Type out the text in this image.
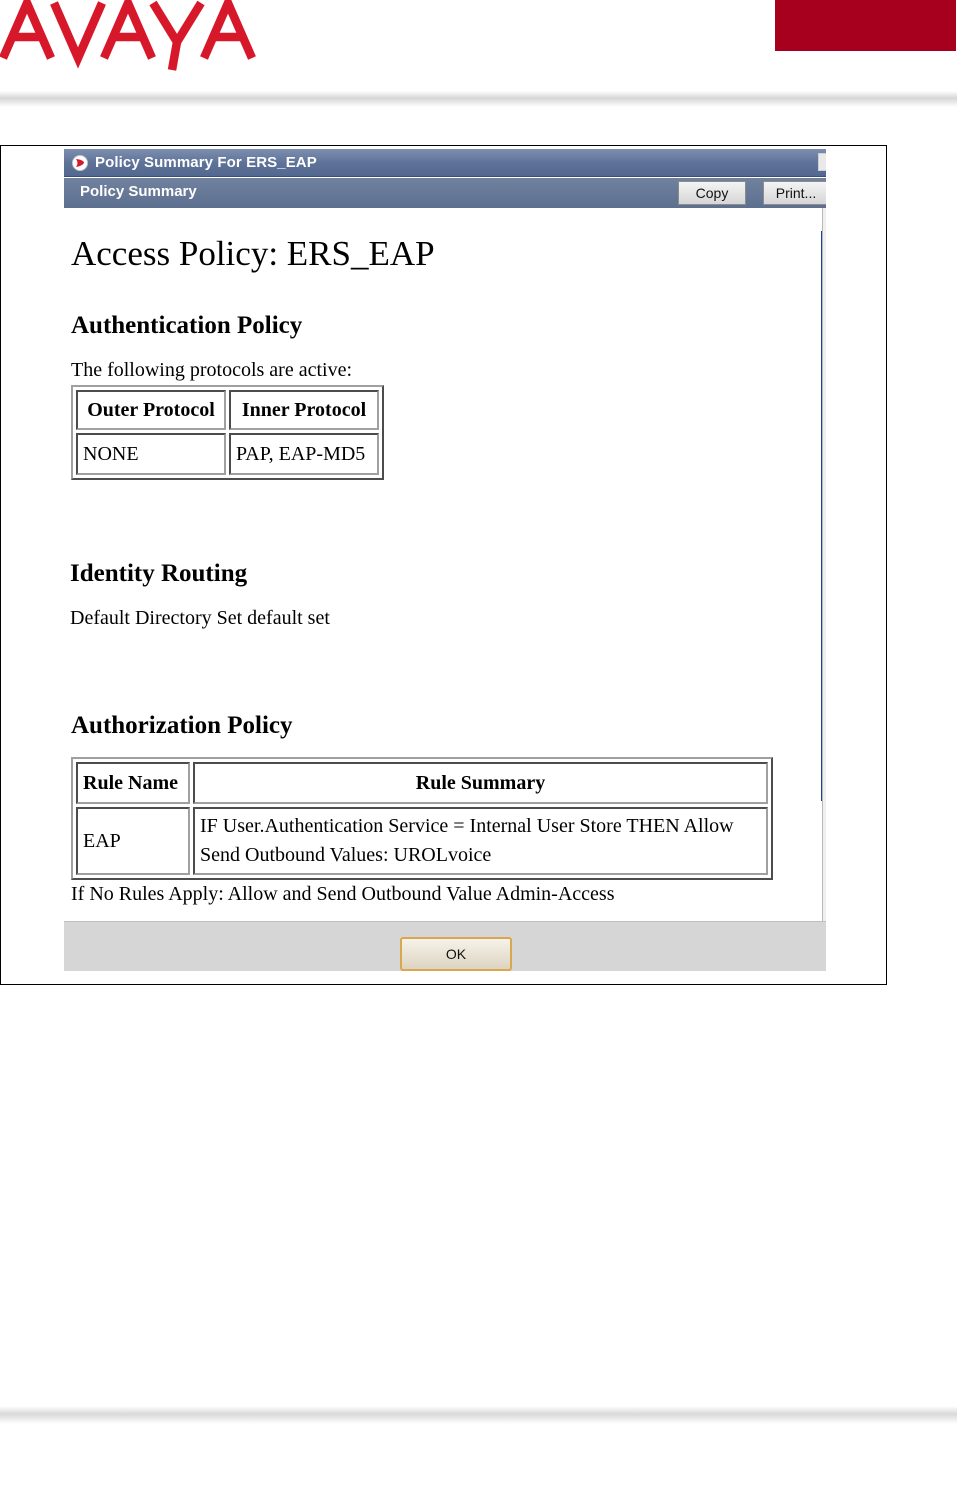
Policy Summary For ERS_EAP
Policy Summary	Copy	Print...
Access Policy: ERS_EAP
Authentication Policy
The following protocols are active:
Outer Protocol	Inner Protocol
NONE	PAP, EAP-MD5
Identity Routing
Default Directory Set default set
Authorization Policy
Rule Name	Rule Summary
EAP	IF User.Authentication Service = Internal User Store THEN Allow
Send Outbound Values: UROLvoice
If No Rules Apply: Allow and Send Outbound Value Admin-Access
OK
